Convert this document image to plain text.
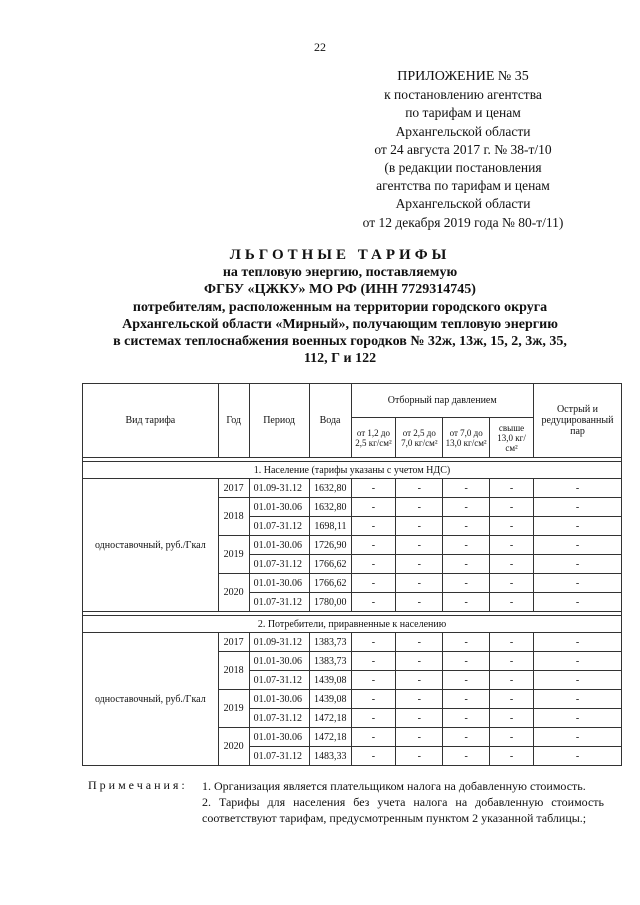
22
ПРИЛОЖЕНИЕ № 35
к постановлению агентства
по тарифам и ценам
Архангельской области
от 24 августа 2017 г. № 38-т/10
(в редакции постановления
агентства по тарифам и ценам
Архангельской области
от 12 декабря 2019 года № 80-т/11)
ЛЬГОТНЫЕ ТАРИФЫ
на тепловую энергию, поставляемую
ФГБУ «ЦЖКУ» МО РФ (ИНН 7729314745)
потребителям, расположенным на территории городского округа
Архангельской области «Мирный», получающим тепловую энергию
в системах теплоснабжения военных городков № 32ж, 13ж, 15, 2, 3ж, 35,
112, Г и 122
Вид тарифа	Год	Период	Вода	Отборный пар давлением				Острый и редуцированный пар
				от 1,2 до 2,5 кг/см²	от 2,5 до 7,0 кг/см²	от 7,0 до 13,0 кг/см²	свыше 13,0 кг/см²	

1. Население (тарифы указаны с учетом НДС)								
одноставочный, руб./Гкал	2017	01.09-31.12	1632,80	-	-	-	-	-
	2018	01.01-30.06	1632,80	-	-	-	-	-
		01.07-31.12	1698,11	-	-	-	-	-
	2019	01.01-30.06	1726,90	-	-	-	-	-
		01.07-31.12	1766,62	-	-	-	-	-
	2020	01.01-30.06	1766,62	-	-	-	-	-
		01.07-31.12	1780,00	-	-	-	-	-

2. Потребители, приравненные к населению								
одноставочный, руб./Гкал	2017	01.09-31.12	1383,73	-	-	-	-	-
	2018	01.01-30.06	1383,73	-	-	-	-	-
		01.07-31.12	1439,08	-	-	-	-	-
	2019	01.01-30.06	1439,08	-	-	-	-	-
		01.07-31.12	1472,18	-	-	-	-	-
	2020	01.01-30.06	1472,18	-	-	-	-	-
		01.07-31.12	1483,33	-	-	-	-	-
Примечания: 1. Организация является плательщиком налога на добавленную стоимость.

2. Тарифы для населения без учета налога на добавленную стоимость соответствуют тарифам, предусмотренным пунктом 2 указанной таблицы.;
